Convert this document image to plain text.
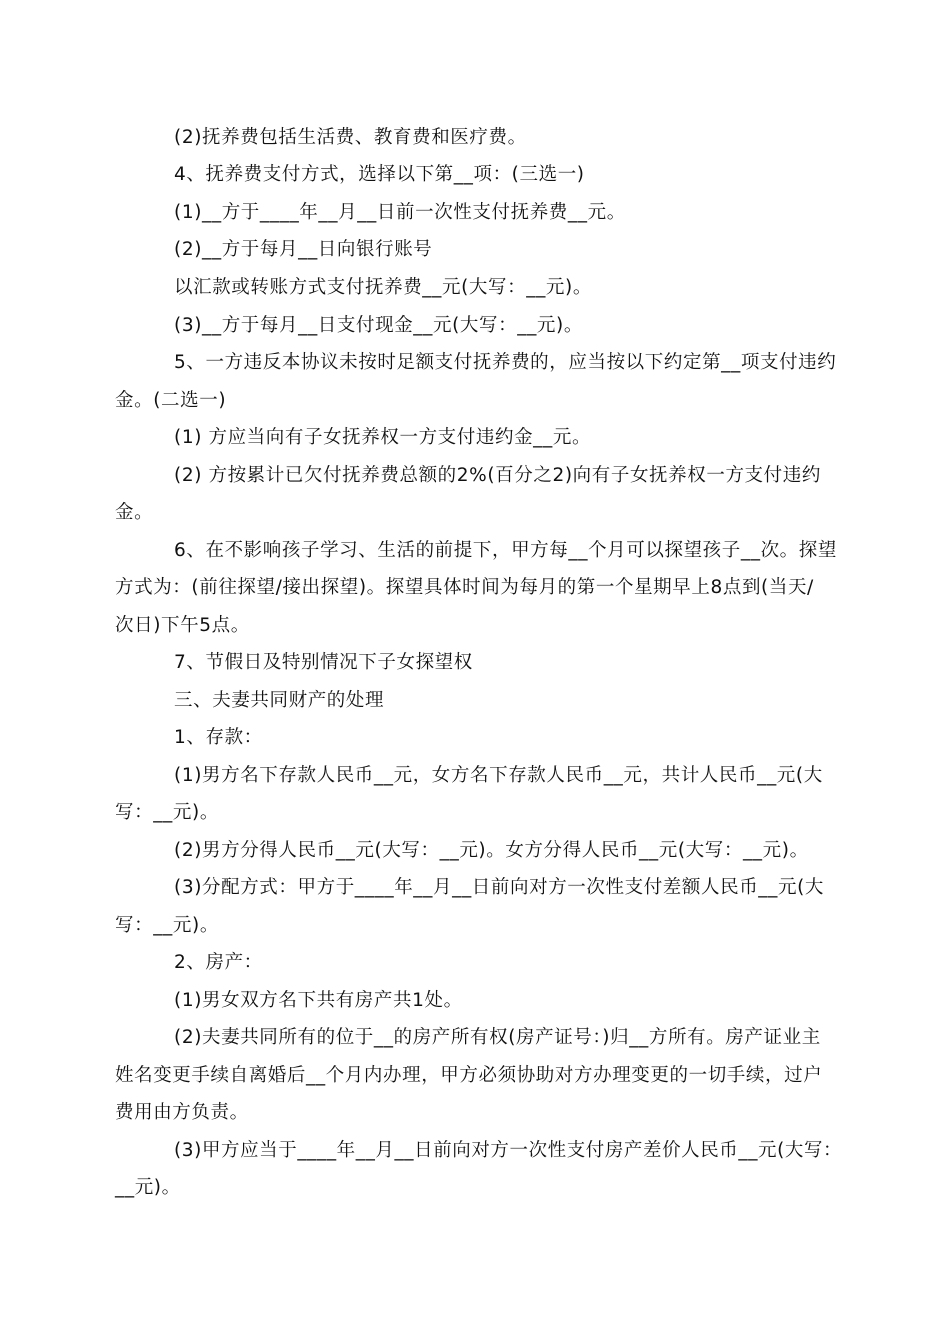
(2)抚养费包括生活费、教育费和医疗费。
4、抚养费支付方式，选择以下第__项：(三选一)
(1)__方于____年__月__日前一次性支付抚养费__元。
(2)__方于每月__日向银行账号
以汇款或转账方式支付抚养费__元(大写：__元)。
(3)__方于每月__日支付现金__元(大写：__元)。
5、一方违反本协议未按时足额支付抚养费的，应当按以下约定第__项支付违约
金。(二选一)
(1) 方应当向有子女抚养权一方支付违约金__元。
(2) 方按累计已欠付抚养费总额的2%(百分之2)向有子女抚养权一方支付违约
金。
6、在不影响孩子学习、生活的前提下，甲方每__个月可以探望孩子__次。探望
方式为：(前往探望/接出探望)。探望具体时间为每月的第一个星期早上8点到(当天/
次日)下午5点。
7、节假日及特别情况下子女探望权
三、夫妻共同财产的处理
1、存款：
(1)男方名下存款人民币__元，女方名下存款人民币__元，共计人民币__元(大
写：__元)。
(2)男方分得人民币__元(大写：__元)。女方分得人民币__元(大写：__元)。
(3)分配方式：甲方于____年__月__日前向对方一次性支付差额人民币__元(大
写：__元)。
2、房产：
(1)男女双方名下共有房产共1处。
(2)夫妻共同所有的位于__的房产所有权(房产证号：)归__方所有。房产证业主
姓名变更手续自离婚后__个月内办理，甲方必须协助对方办理变更的一切手续，过户
费用由方负责。
(3)甲方应当于____年__月__日前向对方一次性支付房产差价人民币__元(大写：
__元)。
